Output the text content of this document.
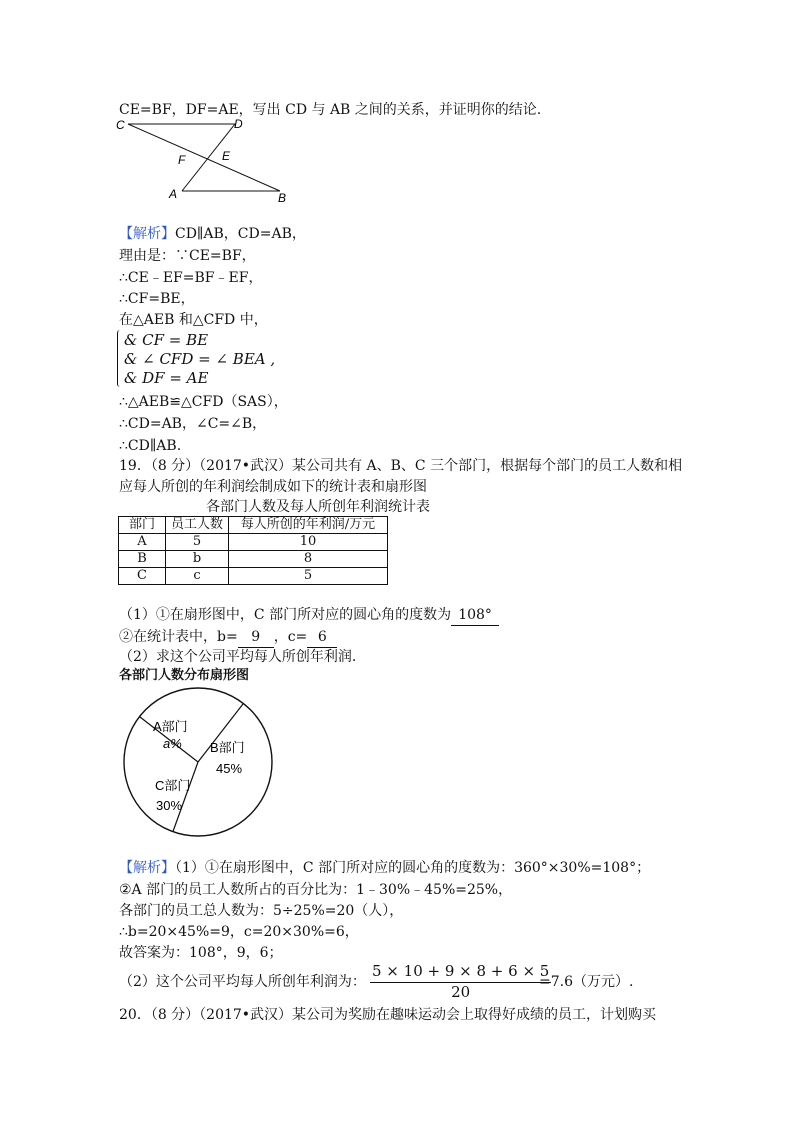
CE=BF，DF=AE，写出 CD 与 AB 之间的关系，并证明你的结论.
C	D
F	E
A	B
【解析】CD∥AB，CD=AB，
理由是：∵CE=BF，
∴CE﹣EF=BF﹣EF，
∴CF=BE，
在△AEB 和△CFD 中，
& CF = BE
& ∠ CFD = ∠ BEA ,
& DF = AE
∴△AEB≌△CFD（SAS），
∴CD=AB，∠C=∠B，
∴CD∥AB.
19．（8 分）（2017•武汉）某公司共有 A、B、C 三个部门，根据每个部门的员工人数和相
应每人所创的年利润绘制成如下的统计表和扇形图
各部门人数及每人所创年利润统计表
部门	员工人数	每人所创的年利润/万元
A	5	10
B	b	8
C	c	5
（1）①在扇形图中，C 部门所对应的圆心角的度数为 108°
②在统计表中，b= 9 ，c= 6
（2）求这个公司平均每人所创年利润.
各部门人数分布扇形图
A部门
a% B部门
45%
C部门
30%
【解析】（1）①在扇形图中，C 部门所对应的圆心角的度数为：360°×30%=108°；
②A 部门的员工人数所占的百分比为：1﹣30%﹣45%=25%，
各部门的员工总人数为：5÷25%=20（人），
∴b=20×45%=9，c=20×30%=6，
故答案为：108°，9，6；
（2）这个公司平均每人所创年利润为： $\frac{5 \times 10 + 9 \times 8 + 6 \times 5}{20}$
=7.6（万元）.
20．（8 分）（2017•武汉）某公司为奖励在趣味运动会上取得好成绩的员工，计划购买
